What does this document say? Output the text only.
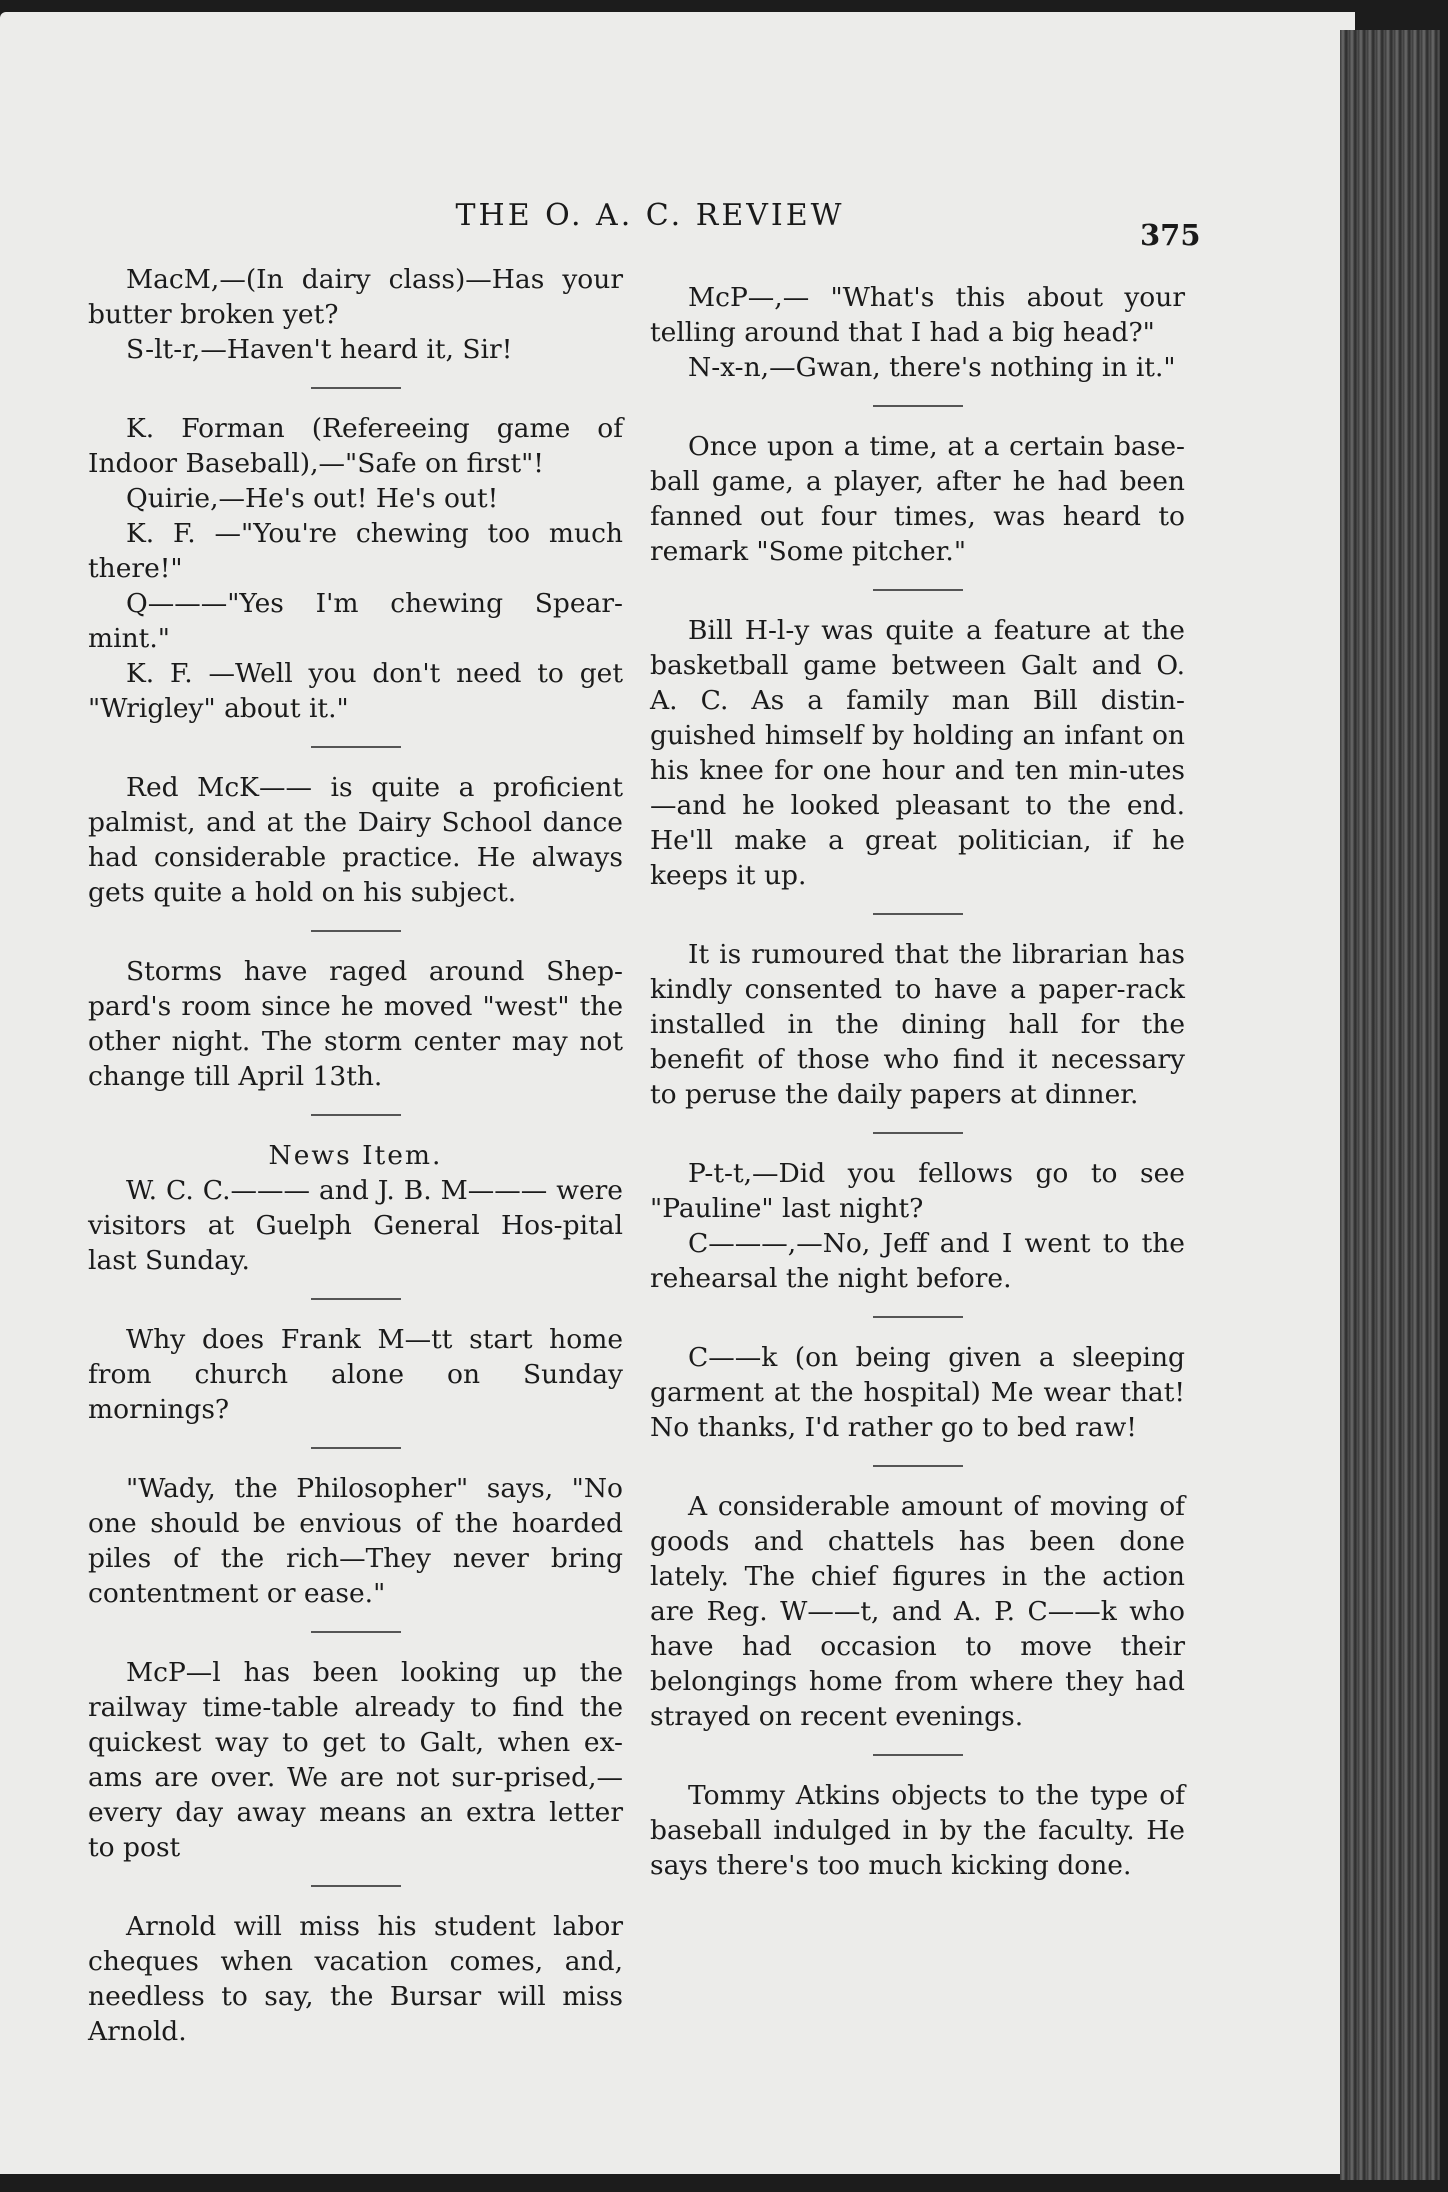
THE O. A. C. REVIEW
375

MacM,—(In dairy class)—Has your butter broken yet?

S-lt-r,—Haven't heard it, Sir!

K. Forman (Refereeing game of Indoor Baseball),—"Safe on first"!

Quirie,—He's out! He's out!

K. F. —"You're chewing too much there!"

Q———"Yes I'm chewing Spear-mint."

K. F. —Well you don't need to get "Wrigley" about it."

Red McK—— is quite a proficient palmist, and at the Dairy School dance had considerable practice. He always gets quite a hold on his subject.

Storms have raged around Shep-pard's room since he moved "west" the other night. The storm center may not change till April 13th.

News Item.

W. C. C.——— and J. B. M——— were visitors at Guelph General Hos-pital last Sunday.

Why does Frank M—tt start home from church alone on Sunday mornings?

"Wady, the Philosopher" says, "No one should be envious of the hoarded piles of the rich—They never bring contentment or ease."

McP—l has been looking up the railway time-table already to find the quickest way to get to Galt, when ex-ams are over. We are not sur-prised,—every day away means an extra letter to post

Arnold will miss his student labor cheques when vacation comes, and, needless to say, the Bursar will miss Arnold.

McP—,— "What's this about your telling around that I had a big head?"

N-x-n,—Gwan, there's nothing in it."

Once upon a time, at a certain base-ball game, a player, after he had been fanned out four times, was heard to remark "Some pitcher."

Bill H-l-y was quite a feature at the basketball game between Galt and O. A. C. As a family man Bill distin-guished himself by holding an infant on his knee for one hour and ten min-utes—and he looked pleasant to the end. He'll make a great politician, if he keeps it up.

It is rumoured that the librarian has kindly consented to have a paper-rack installed in the dining hall for the benefit of those who find it necessary to peruse the daily papers at dinner.

P-t-t,—Did you fellows go to see "Pauline" last night?

C———,—No, Jeff and I went to the rehearsal the night before.

C——k (on being given a sleeping garment at the hospital) Me wear that! No thanks, I'd rather go to bed raw!

A considerable amount of moving of goods and chattels has been done lately. The chief figures in the action are Reg. W——t, and A. P. C——k who have had occasion to move their belongings home from where they had strayed on recent evenings.

Tommy Atkins objects to the type of baseball indulged in by the faculty. He says there's too much kicking done.
